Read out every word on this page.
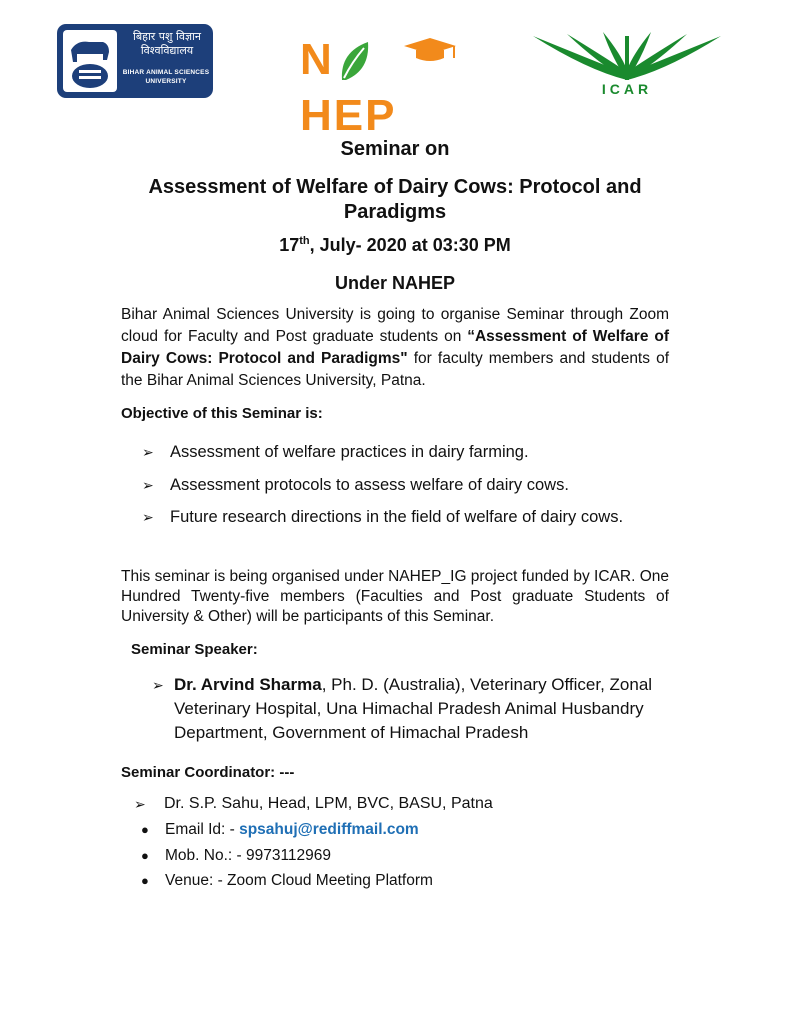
बिहार पशु विज्ञान
विश्वविद्यालय
BIHAR ANIMAL SCIENCES UNIVERSITY	N               HEP
ICAR
Seminar on
Assessment of Welfare of Dairy Cows: Protocol and Paradigms
17th, July- 2020 at 03:30 PM
Under NAHEP
Bihar Animal Sciences University is going to organise Seminar through Zoom cloud for Faculty and Post graduate students on “Assessment of Welfare of Dairy Cows: Protocol and Paradigms" for faculty members and students of the Bihar Animal Sciences University, Patna.
Objective of this Seminar is:
➢ Assessment of welfare practices in dairy farming.
➢ Assessment protocols to assess welfare of dairy cows.
➢ Future research directions in the field of welfare of dairy cows.
This seminar is being organised under NAHEP_IG project funded by ICAR. One Hundred Twenty-five members (Faculties and Post graduate Students of University & Other) will be participants of this Seminar.
Seminar Speaker:
➢ Dr. Arvind Sharma, Ph. D. (Australia), Veterinary Officer, Zonal Veterinary Hospital, Una Himachal Pradesh Animal Husbandry Department, Government of Himachal Pradesh
Seminar Coordinator: ---
➢ Dr. S.P. Sahu, Head, LPM, BVC, BASU, Patna
● Email Id: - spsahuj@rediffmail.com
● Mob. No.: - 9973112969
● Venue: - Zoom Cloud Meeting Platform
